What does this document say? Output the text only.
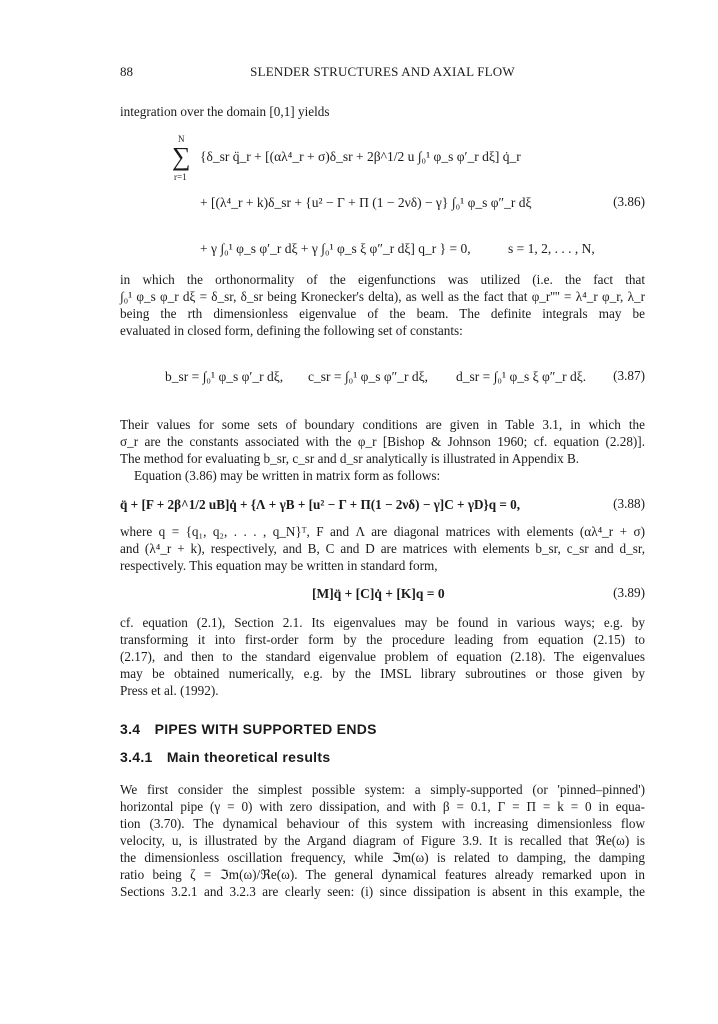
88	SLENDER STRUCTURES AND AXIAL FLOW
integration over the domain [0,1] yields
N
∑
r=1
{δ_sr q̈_r + [(αλ⁴_r + σ)δ_sr + 2β^1/2 u ∫₀¹ φ_s φ′_r dξ] q̇_r
+ [(λ⁴_r + k)δ_sr + {u² − Γ + Π (1 − 2νδ) − γ} ∫₀¹ φ_s φ″_r dξ	(3.86)
+ γ ∫₀¹ φ_s φ′_r dξ + γ ∫₀¹ φ_s ξ φ″_r dξ] q_r } = 0,	s = 1, 2, . . . , N,
in which the orthonormality of the eigenfunctions was utilized (i.e. the fact that
∫₀¹ φ_s φ_r dξ = δ_sr, δ_sr being Kronecker's delta), as well as the fact that φ_r'''' = λ⁴_r φ_r, λ_r
being the rth dimensionless eigenvalue of the beam. The definite integrals may be
evaluated in closed form, defining the following set of constants:
b_sr = ∫₀¹ φ_s φ′_r dξ, c_sr = ∫₀¹ φ_s φ″_r dξ, d_sr = ∫₀¹ φ_s ξ φ″_r dξ. (3.87)
Their values for some sets of boundary conditions are given in Table 3.1, in which the
σ_r are the constants associated with the φ_r [Bishop & Johnson 1960; cf. equation (2.28)].
The method for evaluating b_sr, c_sr and d_sr analytically is illustrated in Appendix B.
Equation (3.86) may be written in matrix form as follows:
q̈ + [F + 2β^1/2 uB]q̇ + {Λ + γB + [u² − Γ + Π(1 − 2νδ) − γ]C + γD}q = 0,	(3.88)
where q = {q₁, q₂, . . . , q_N}ᵀ, F and Λ are diagonal matrices with elements (αλ⁴_r + σ)
and (λ⁴_r + k), respectively, and B, C and D are matrices with elements b_sr, c_sr and d_sr,
respectively. This equation may be written in standard form,
[M]q̈ + [C]q̇ + [K]q = 0	(3.89)
cf. equation (2.1), Section 2.1. Its eigenvalues may be found in various ways; e.g. by
transforming it into first-order form by the procedure leading from equation (2.15) to
(2.17), and then to the standard eigenvalue problem of equation (2.18). The eigenvalues
may be obtained numerically, e.g. by the IMSL library subroutines or those given by
Press et al. (1992).
3.4 PIPES WITH SUPPORTED ENDS
3.4.1 Main theoretical results
We first consider the simplest possible system: a simply-supported (or 'pinned–pinned')
horizontal pipe (γ = 0) with zero dissipation, and with β = 0.1, Γ = Π = k = 0 in equa-
tion (3.70). The dynamical behaviour of this system with increasing dimensionless flow
velocity, u, is illustrated by the Argand diagram of Figure 3.9. It is recalled that ℜe(ω) is
the dimensionless oscillation frequency, while ℑm(ω) is related to damping, the damping
ratio being ζ = ℑm(ω)/ℜe(ω). The general dynamical features already remarked upon in
Sections 3.2.1 and 3.2.3 are clearly seen: (i) since dissipation is absent in this example, the
